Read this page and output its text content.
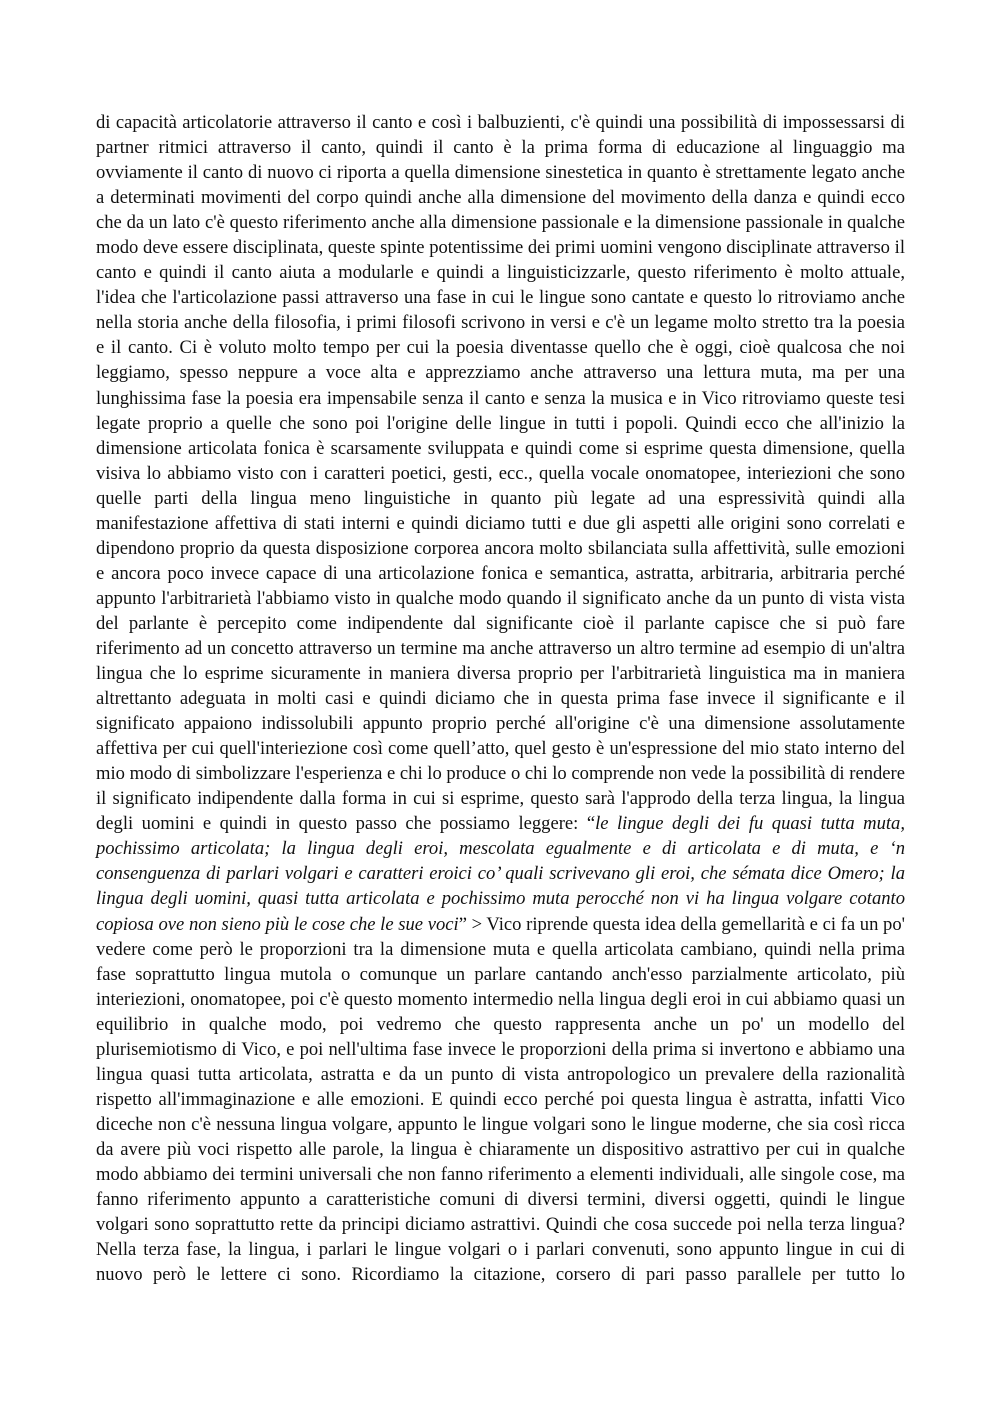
di capacità articolatorie attraverso il canto e così i balbuzienti, c'è quindi una possibilità di impossessarsi di partner ritmici attraverso il canto, quindi il canto è la prima forma di educazione al linguaggio ma ovviamente il canto di nuovo ci riporta a quella dimensione sinestetica in quanto è strettamente legato anche a determinati movimenti del corpo quindi anche alla dimensione del movimento della danza e quindi ecco che da un lato c'è questo riferimento anche alla dimensione passionale e la dimensione passionale in qualche modo deve essere disciplinata, queste spinte potentissime dei primi uomini vengono disciplinate attraverso il canto e quindi il canto aiuta a modularle e quindi a linguisticizzarle, questo riferimento è molto attuale, l'idea che l'articolazione passi attraverso una fase in cui le lingue sono cantate e questo lo ritroviamo anche nella storia anche della filosofia, i primi filosofi scrivono in versi e c'è un legame molto stretto tra la poesia e il canto. Ci è voluto molto tempo per cui la poesia diventasse quello che è oggi, cioè qualcosa che noi leggiamo, spesso neppure a voce alta e apprezziamo anche attraverso una lettura muta, ma per una lunghissima fase la poesia era impensabile senza il canto e senza la musica e in Vico ritroviamo queste tesi legate proprio a quelle che sono poi l'origine delle lingue in tutti i popoli. Quindi ecco che all'inizio la dimensione articolata fonica è scarsamente sviluppata e quindi come si esprime questa dimensione, quella visiva lo abbiamo visto con i caratteri poetici, gesti, ecc., quella vocale onomatopee, interiezioni che sono quelle parti della lingua meno linguistiche in quanto più legate ad una espressività quindi alla manifestazione affettiva di stati interni e quindi diciamo tutti e due gli aspetti alle origini sono correlati e dipendono proprio da questa disposizione corporea ancora molto sbilanciata sulla affettività, sulle emozioni e ancora poco invece capace di una articolazione fonica e semantica, astratta, arbitraria, arbitraria perché appunto l'arbitrarietà l'abbiamo visto in qualche modo quando il significato anche da un punto di vista vista del parlante è percepito come indipendente dal significante cioè il parlante capisce che si può fare riferimento ad un concetto attraverso un termine ma anche attraverso un altro termine ad esempio di un'altra lingua che lo esprime sicuramente in maniera diversa proprio per l'arbitrarietà linguistica ma in maniera altrettanto adeguata in molti casi e quindi diciamo che in questa prima fase invece il significante e il significato appaiono indissolubili appunto proprio perché all'origine c'è una dimensione assolutamente affettiva per cui quell'interiezione così come quell’atto, quel gesto è un'espressione del mio stato interno del mio modo di simbolizzare l'esperienza e chi lo produce o chi lo comprende non vede la possibilità di rendere il significato indipendente dalla forma in cui si esprime, questo sarà l'approdo della terza lingua, la lingua degli uomini e quindi in questo passo che possiamo leggere: “le lingue degli dei fu quasi tutta muta, pochissimo articolata; la lingua degli eroi, mescolata egualmente e di articolata e di muta, e ‘n consenguenza di parlari volgari e caratteri eroici co’ quali scrivevano gli eroi, che sémata dice Omero; la lingua degli uomini, quasi tutta articolata e pochissimo muta perocché non vi ha lingua volgare cotanto copiosa ove non sieno più le cose che le sue voci” > Vico riprende questa idea della gemellarità e ci fa un po' vedere come però le proporzioni tra la dimensione muta e quella articolata cambiano, quindi nella prima fase soprattutto lingua mutola o comunque un parlare cantando anch'esso parzialmente articolato, più interiezioni, onomatopee, poi c'è questo momento intermedio nella lingua degli eroi in cui abbiamo quasi un equilibrio in qualche modo, poi vedremo che questo rappresenta anche un po' un modello del plurisemiotismo di Vico, e poi nell'ultima fase invece le proporzioni della prima si invertono e abbiamo una lingua quasi tutta articolata, astratta e da un punto di vista antropologico un prevalere della razionalità rispetto all'immaginazione e alle emozioni. E quindi ecco perché poi questa lingua è astratta, infatti Vico diceche non c'è nessuna lingua volgare, appunto le lingue volgari sono le lingue moderne, che sia così ricca da avere più voci rispetto alle parole, la lingua è chiaramente un dispositivo astrattivo per cui in qualche modo abbiamo dei termini universali che non fanno riferimento a elementi individuali, alle singole cose, ma fanno riferimento appunto a caratteristiche comuni di diversi termini, diversi oggetti, quindi le lingue volgari sono soprattutto rette da principi diciamo astrattivi. Quindi che cosa succede poi nella terza lingua? Nella terza fase, la lingua, i parlari le lingue volgari o i parlari convenuti, sono appunto lingue in cui di nuovo però le lettere ci sono. Ricordiamo la citazione, corsero di pari passo parallele per tutto lo
